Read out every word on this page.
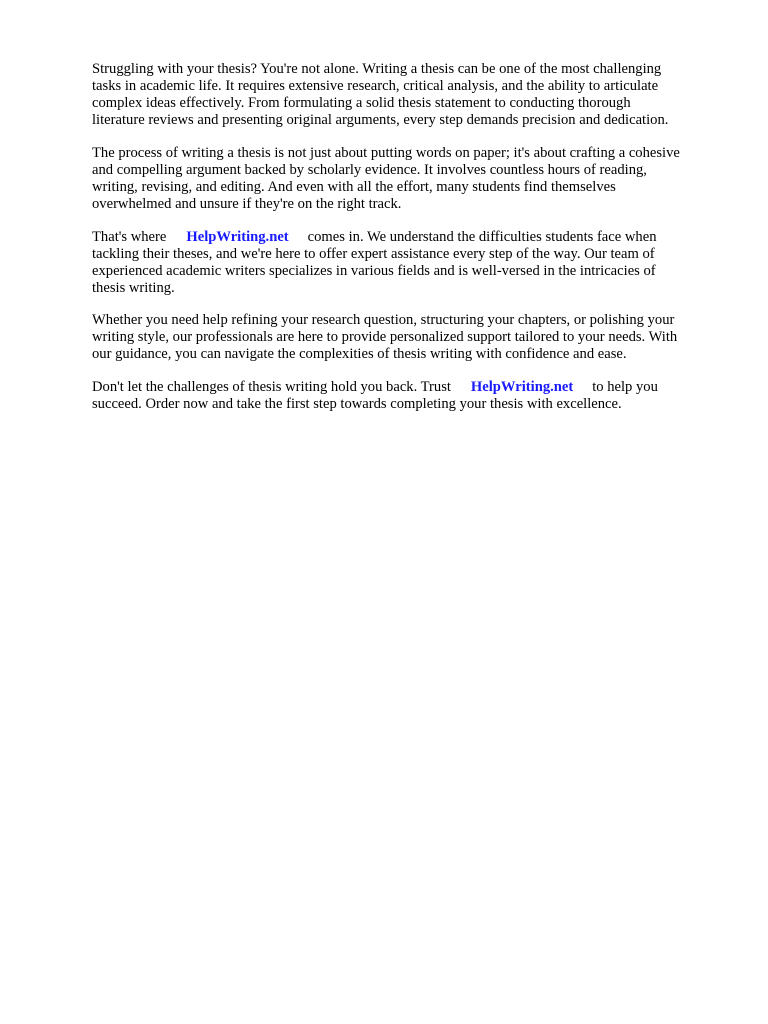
Struggling with your thesis? You're not alone. Writing a thesis can be one of the most challenging
tasks in academic life. It requires extensive research, critical analysis, and the ability to articulate
complex ideas effectively. From formulating a solid thesis statement to conducting thorough
literature reviews and presenting original arguments, every step demands precision and dedication.

The process of writing a thesis is not just about putting words on paper; it's about crafting a cohesive
and compelling argument backed by scholarly evidence. It involves countless hours of reading,
writing, revising, and editing. And even with all the effort, many students find themselves
overwhelmed and unsure if they're on the right track.

That's where HelpWriting.net comes in. We understand the difficulties students face when
tackling their theses, and we're here to offer expert assistance every step of the way. Our team of
experienced academic writers specializes in various fields and is well-versed in the intricacies of
thesis writing.

Whether you need help refining your research question, structuring your chapters, or polishing your
writing style, our professionals are here to provide personalized support tailored to your needs. With
our guidance, you can navigate the complexities of thesis writing with confidence and ease.

Don't let the challenges of thesis writing hold you back. Trust HelpWriting.net to help you
succeed. Order now and take the first step towards completing your thesis with excellence.
